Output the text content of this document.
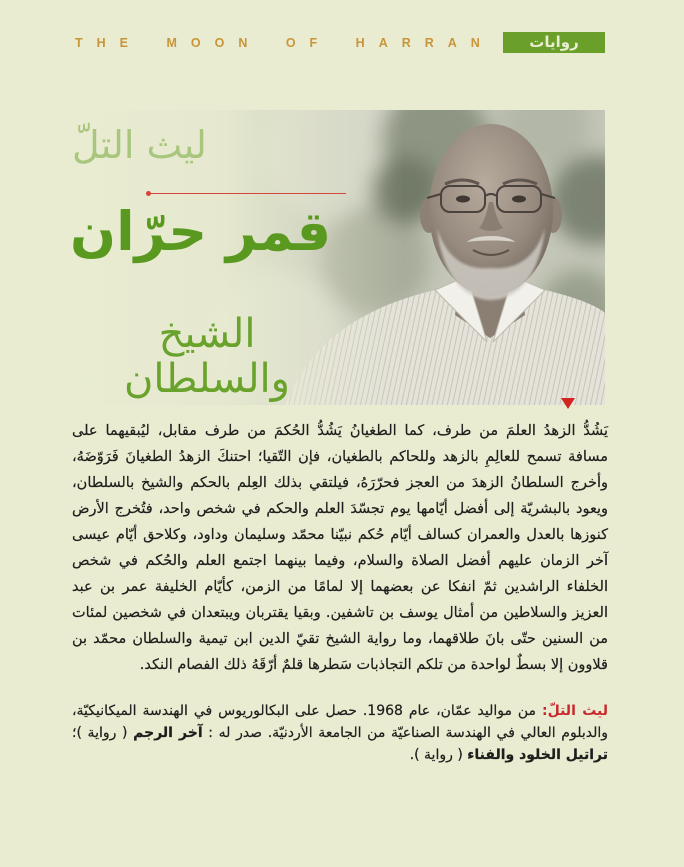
THE MOON OF HARRAN	روايات
ليث التلّ
قمر حرّان
الشيخ
والسلطان

يَشُدُّ الزهدُ العلمَ من طرف، كما الطغيانُ يَشُدُّ الحُكمَ من طرف مقابل، ليُبقيهما على مسافة تسمح للعالِمِ بالزهد وللحاكم بالطغيان، فإن التّقيا؛ احتنكَ الزهدُ الطغيانَ فَرَوّضَهُ، وأخرج السلطانُ الزهدَ من العجز فحرّرَهُ، فيلتقي بذلك العِلم بالحكم والشيخ بالسلطان، ويعود بالبشريّة إلى أفضل أيّامها يوم تجسّدَ العلم والحكم في شخص واحد، فتُخرج الأرض كنوزها بالعدل والعمران كسالف أيّام حُكم نبيّنا محمّد وسليمان وداود، وكلاحق أيّام عيسى آخر الزمان عليهم أفضل الصلاة والسلام، وفيما بينهما اجتمع العلم والحُكم في شخص الخلفاء الراشدين ثمّ انفكا عن بعضهما إلا لمامًا من الزمن، كأيّام الخليفة عمر بن عبد العزيز والسلاطين من أمثال يوسف بن تاشفين. وبقيا يقتربان ويبتعدان في شخصين لمئات من السنين حتّى بانَ طلاقهما، وما رواية الشيخ تقيّ الدين ابن تيمية والسلطان محمّد بن قلاوون إلا بسطٌ لواحدة من تلكم التجاذبات سَطرها قلمٌ أرّقَهُ ذلك الفصام النكد.

ليث التلّ: من مواليد عمّان، عام 1968. حصل على البكالوريوس في الهندسة الميكانيكيّة، والدبلوم العالي في الهندسة الصناعيّة من الجامعة الأردنيّة. صدر له : آخر الرجم ( رواية )؛ تراتيل الخلود والفناء ( رواية ).
